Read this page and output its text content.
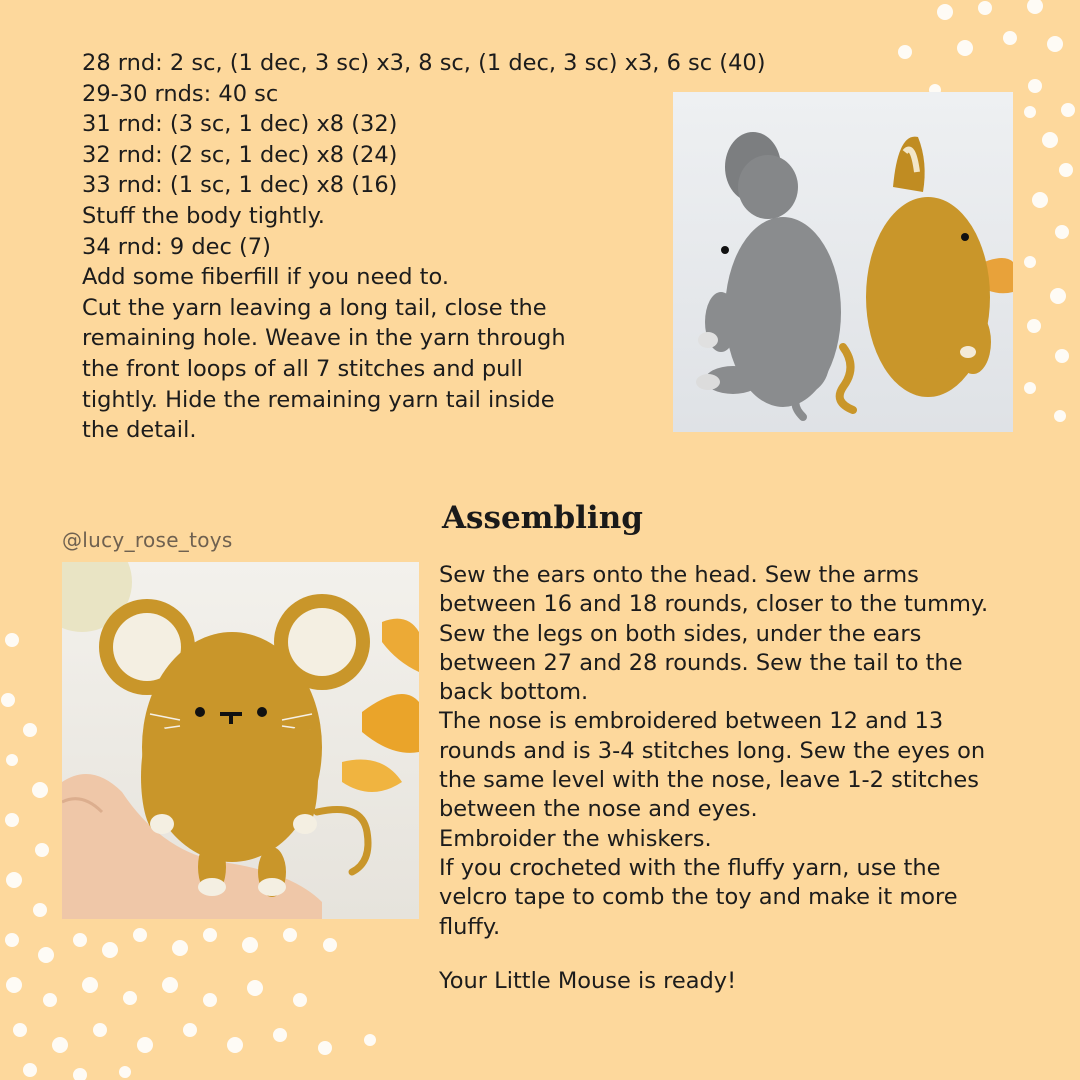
28 rnd: 2 sc, (1 dec, 3 sc) x3, 8 sc, (1 dec, 3 sc) x3, 6 sc (40)

29-30 rnds: 40 sc

31 rnd: (3 sc, 1 dec) x8 (32)

32 rnd: (2 sc, 1 dec) x8 (24)

33 rnd: (1 sc, 1 dec) x8 (16)

Stuff the body tightly.

34 rnd: 9 dec (7)

Add some fiberfill if you need to.

Cut the yarn leaving a long tail, close the

remaining hole. Weave in the yarn through

the front loops of all 7 stitches and pull

tightly. Hide the remaining yarn tail inside

the detail.

@lucy_rose_toys

Assembling

Sew the ears onto the head. Sew the arms

between 16 and 18 rounds, closer to the tummy.

Sew the legs on both sides, under the ears

between 27 and 28 rounds. Sew the tail to the

back bottom.

The nose is embroidered between 12 and 13

rounds and is 3-4 stitches long. Sew the eyes on

the same level with the nose, leave 1-2 stitches

between the nose and eyes.

Embroider the whiskers.

If you crocheted with the fluffy yarn, use the

velcro tape to comb the toy and make it more

fluffy.

Your Little Mouse is ready!
